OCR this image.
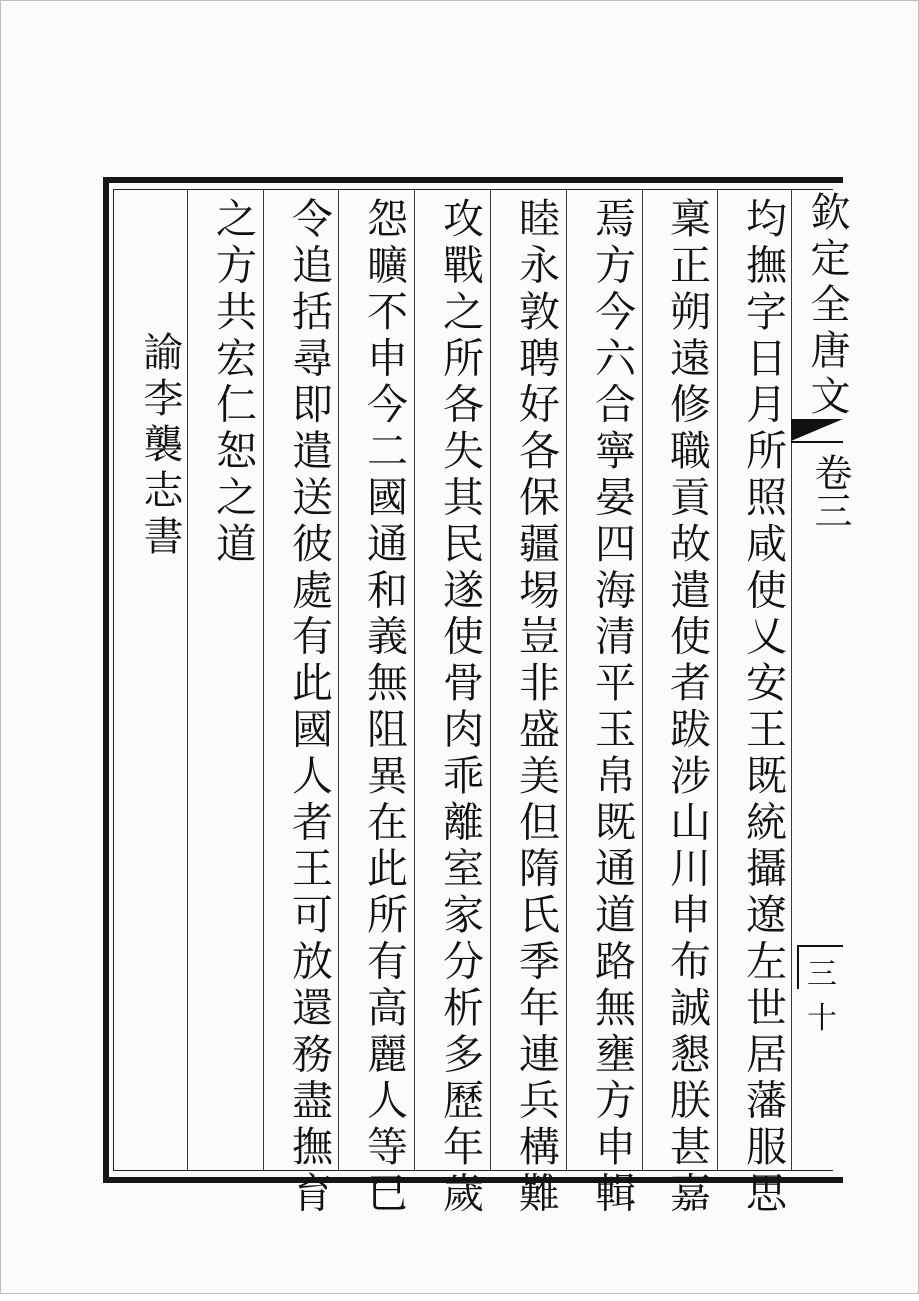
欽定全唐文
卷三
三十
均撫字日月所照咸使乂安王既統攝遼左世居藩服思
稟正朔遠修職貢故遣使者跋涉山川申布誠懇朕甚嘉
焉方今六合寧晏四海清平玉帛既通道路無壅方申輯
睦永敦聘好各保疆埸豈非盛美但隋氏季年連兵構難
攻戰之所各失其民遂使骨肉乖離室家分析多歷年歲
怨曠不申今二國通和義無阻異在此所有高麗人等已
令追括尋即遣送彼處有此國人者王可放還務盡撫育
之方共宏仁恕之道
諭李襲志書
